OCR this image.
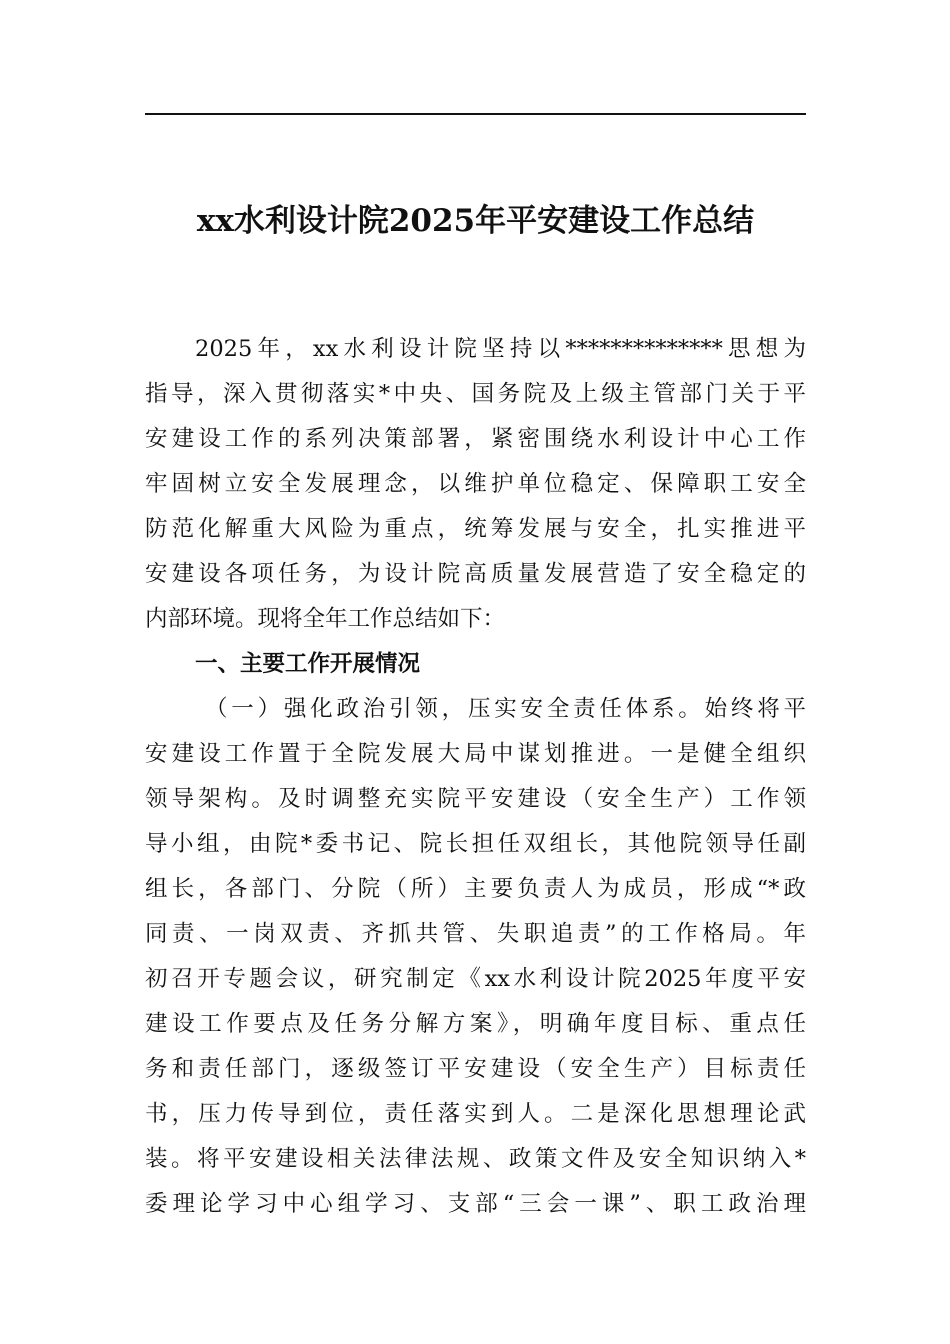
xx水利设计院2025年平安建设工作总结
2025年，xx水利设计院坚持以**************思想为
指导，深入贯彻落实*中央、国务院及上级主管部门关于平
安建设工作的系列决策部署，紧密围绕水利设计中心工作
牢固树立安全发展理念，以维护单位稳定、保障职工安全
防范化解重大风险为重点，统筹发展与安全，扎实推进平
安建设各项任务，为设计院高质量发展营造了安全稳定的
内部环境。现将全年工作总结如下：
一、主要工作开展情况
（一）强化政治引领，压实安全责任体系。始终将平
安建设工作置于全院发展大局中谋划推进。一是健全组织
领导架构。及时调整充实院平安建设（安全生产）工作领
导小组，由院*委书记、院长担任双组长，其他院领导任副
组长，各部门、分院（所）主要负责人为成员，形成“*政
同责、一岗双责、齐抓共管、失职追责”的工作格局。年
初召开专题会议，研究制定《xx水利设计院2025年度平安
建设工作要点及任务分解方案》，明确年度目标、重点任
务和责任部门，逐级签订平安建设（安全生产）目标责任
书，压力传导到位，责任落实到人。二是深化思想理论武
装。将平安建设相关法律法规、政策文件及安全知识纳入*
委理论学习中心组学习、支部“三会一课”、职工政治理
